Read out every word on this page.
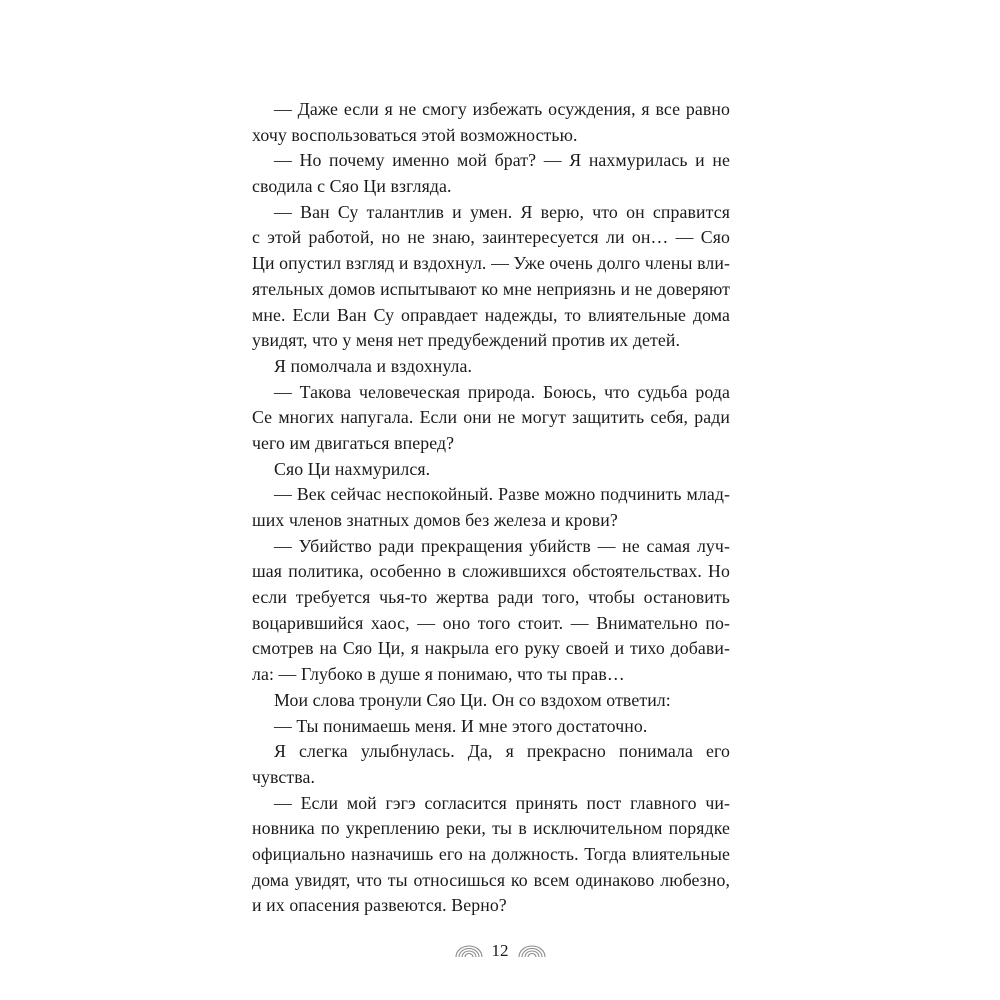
— Даже если я не смогу избежать осуждения, я все равно
хочу воспользоваться этой возможностью.
— Но почему именно мой брат? — Я нахмурилась и не
сводила с Сяо Ци взгляда.
— Ван Су талантлив и умен. Я верю, что он справится
с этой работой, но не знаю, заинтересуется ли он… — Сяо
Ци опустил взгляд и вздохнул. — Уже очень долго члены вли-
ятельных домов испытывают ко мне неприязнь и не доверяют
мне. Если Ван Су оправдает надежды, то влиятельные дома
увидят, что у меня нет предубеждений против их детей.
Я помолчала и вздохнула.
— Такова человеческая природа. Боюсь, что судьба рода
Се многих напугала. Если они не могут защитить себя, ради
чего им двигаться вперед?
Сяо Ци нахмурился.
— Век сейчас неспокойный. Разве можно подчинить млад-
ших членов знатных домов без железа и крови?
— Убийство ради прекращения убийств — не самая луч-
шая политика, особенно в сложившихся обстоятельствах. Но
если требуется чья-то жертва ради того, чтобы остановить
воцарившийся хаос, — оно того стоит. — Внимательно по-
смотрев на Сяо Ци, я накрыла его руку своей и тихо добави-
ла: — Глубоко в душе я понимаю, что ты прав…
Мои слова тронули Сяо Ци. Он со вздохом ответил:
— Ты понимаешь меня. И мне этого достаточно.
Я слегка улыбнулась. Да, я прекрасно понимала его
чувства.
— Если мой гэгэ согласится принять пост главного чи-
новника по укреплению реки, ты в исключительном порядке
официально назначишь его на должность. Тогда влиятельные
дома увидят, что ты относишься ко всем одинаково любезно,
и их опасения развеются. Верно?
12
